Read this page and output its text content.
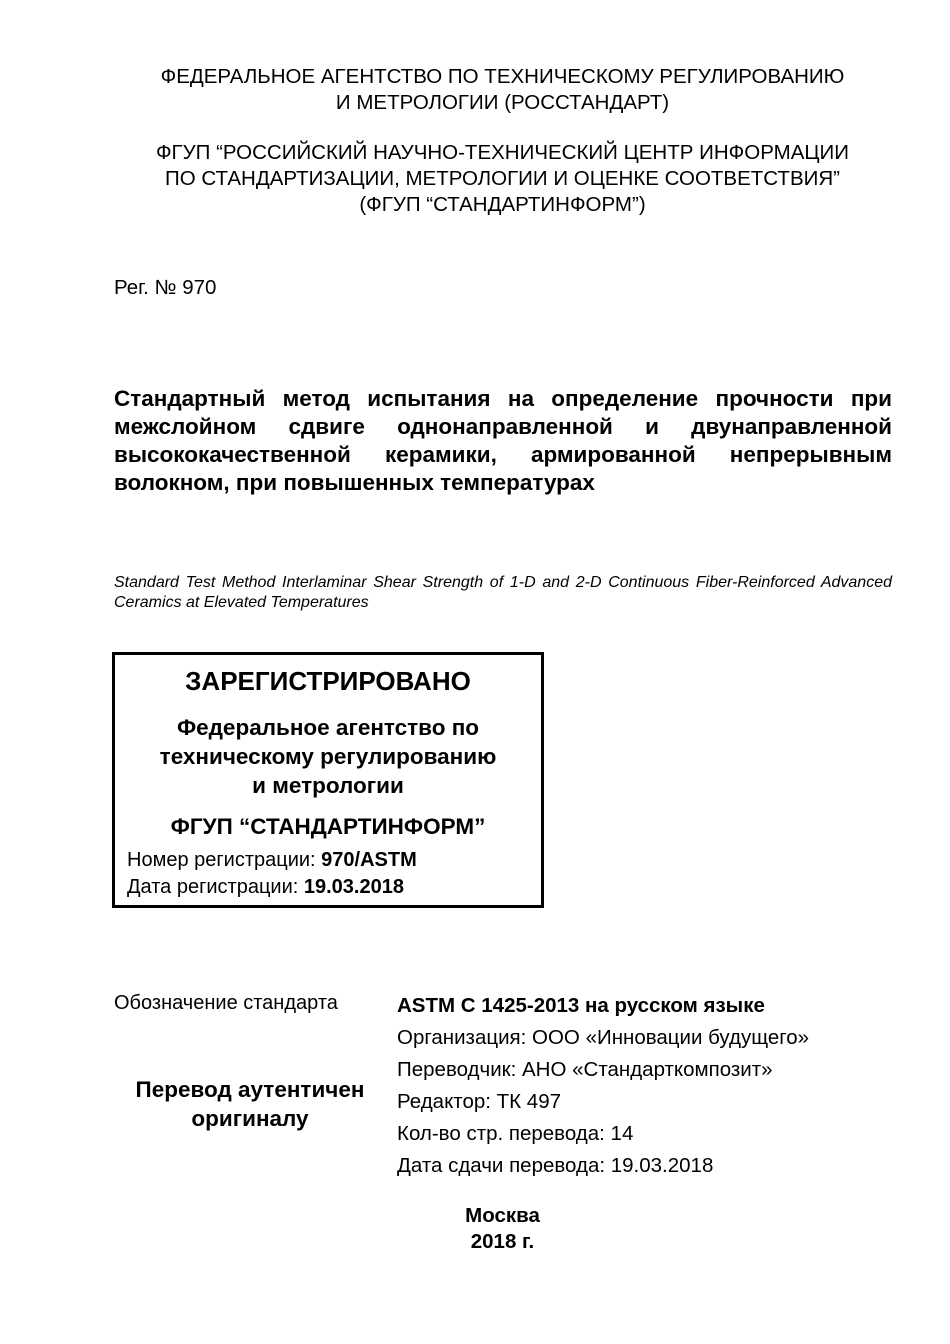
ФЕДЕРАЛЬНОЕ АГЕНТСТВО ПО ТЕХНИЧЕСКОМУ РЕГУЛИРОВАНИЮ
И МЕТРОЛОГИИ (РОССТАНДАРТ)
ФГУП “РОССИЙСКИЙ НАУЧНО-ТЕХНИЧЕСКИЙ ЦЕНТР ИНФОРМАЦИИ
ПО СТАНДАРТИЗАЦИИ, МЕТРОЛОГИИ И ОЦЕНКЕ СООТВЕТСТВИЯ”
(ФГУП “СТАНДАРТИНФОРМ”)
Рег. № 970
Стандартный метод испытания на определение прочности при межслойном сдвиге однонаправленной и двунаправленной высококачественной керамики, армированной непрерывным волокном, при повышенных температурах
Standard Test Method Interlaminar Shear Strength of 1-D and 2-D Continuous Fiber-Reinforced Advanced Ceramics at Elevated Temperatures
ЗАРЕГИСТРИРОВАНО
Федеральное агентство по
техническому регулированию
и метрологии
ФГУП “СТАНДАРТИНФОРМ”
Номер регистрации: 970/ASTM
Дата регистрации: 19.03.2018
Обозначение стандарта
Перевод аутентичен
оригиналу
ASTM C 1425-2013 на русском языке
Организация: ООО «Инновации будущего»
Переводчик: АНО «Стандарткомпозит»
Редактор: ТК 497
Кол-во стр. перевода: 14
Дата сдачи перевода: 19.03.2018
Москва
2018 г.
